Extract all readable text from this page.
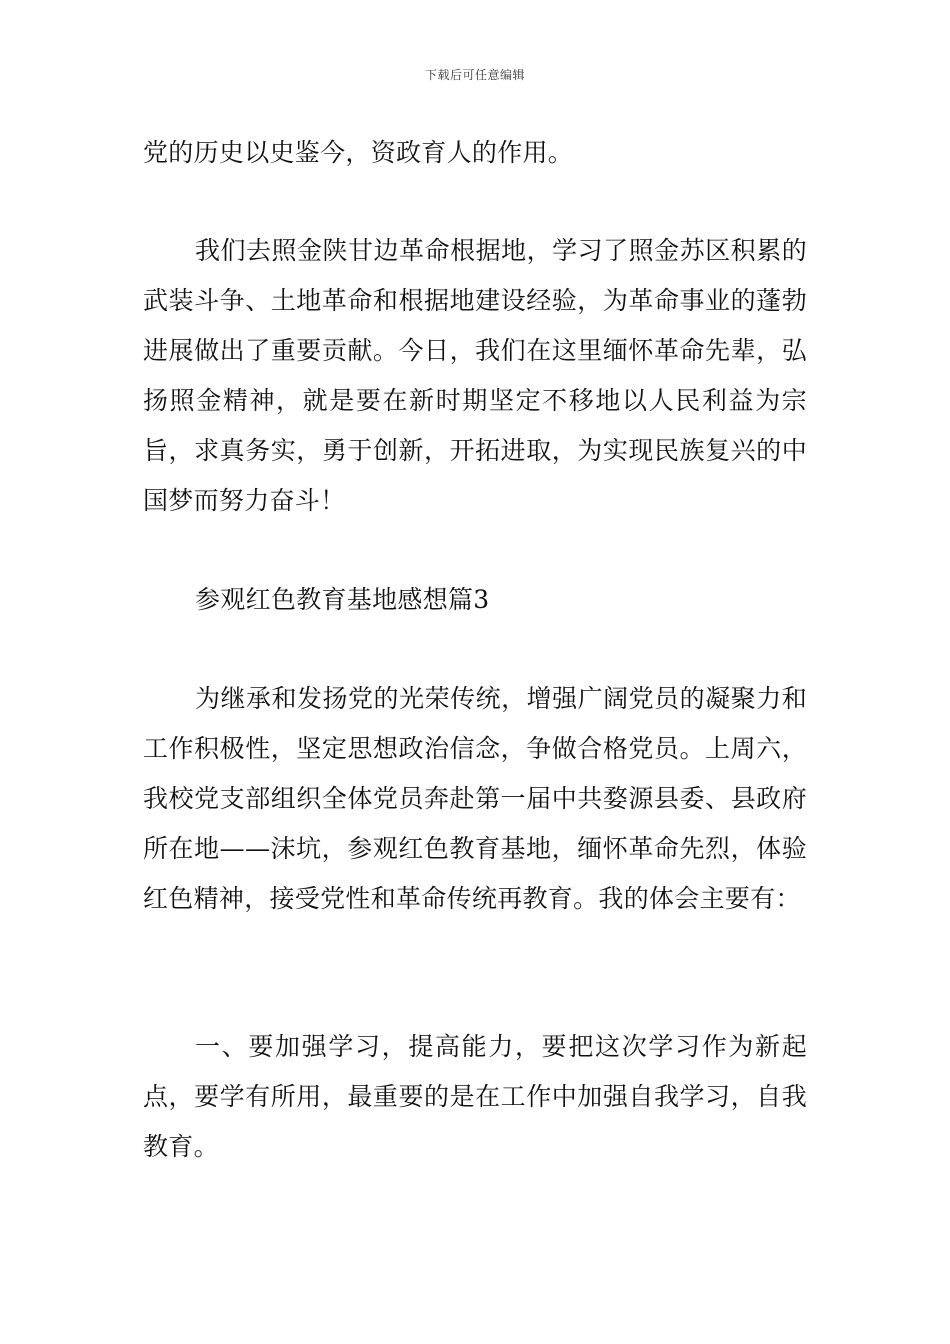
下载后可任意编辑

党的历史以史鉴今，资政育人的作用。

我们去照金陕甘边革命根据地，学习了照金苏区积累的武装斗争、土地革命和根据地建设经验，为革命事业的蓬勃进展做出了重要贡献。今日，我们在这里缅怀革命先辈，弘扬照金精神，就是要在新时期坚定不移地以人民利益为宗旨，求真务实，勇于创新，开拓进取，为实现民族复兴的中国梦而努力奋斗！

参观红色教育基地感想篇3

为继承和发扬党的光荣传统，增强广阔党员的凝聚力和工作积极性，坚定思想政治信念，争做合格党员。上周六，我校党支部组织全体党员奔赴第一届中共婺源县委、县政府所在地——沫坑，参观红色教育基地，缅怀革命先烈，体验红色精神，接受党性和革命传统再教育。我的体会主要有：

一、要加强学习，提高能力，要把这次学习作为新起点，要学有所用，最重要的是在工作中加强自我学习，自我教育。
